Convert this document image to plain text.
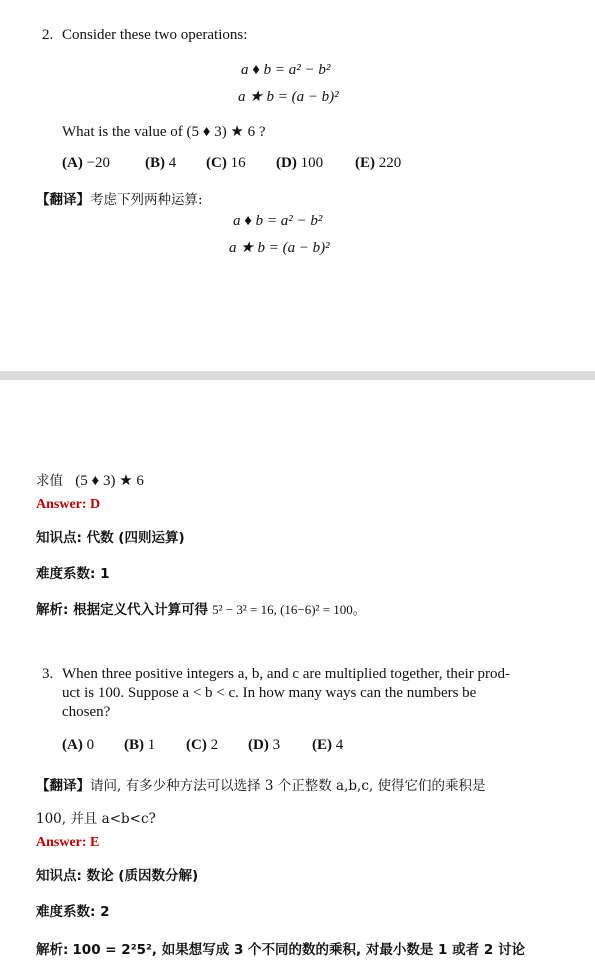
2. Consider these two operations:
a ♦ b = a² − b²
a ★ b = (a − b)²
What is the value of (5 ♦ 3) ★ 6 ?
(A) −20 (B) 4 (C) 16 (D) 100 (E) 220
【翻译】考虑下列两种运算:
a ♦ b = a² − b²
a ★ b = (a − b)²
求值 (5 ♦ 3) ★ 6
Answer: D
知识点: 代数 (四则运算)
难度系数: 1
解析: 根据定义代入计算可得 5² − 3² = 16, (16−6)² = 100。
3. When three positive integers a, b, and c are multiplied together, their prod-
uct is 100. Suppose a < b < c. In how many ways can the numbers be
chosen?
(A) 0 (B) 1 (C) 2 (D) 3 (E) 4
【翻译】请问, 有多少种方法可以选择 3 个正整数 a,b,c, 使得它们的乘积是
100, 并且 a<b<c?
Answer: E
知识点: 数论 (质因数分解)
难度系数: 2
解析: 100 = 2²5², 如果想写成 3 个不同的数的乘积, 对最小数是 1 或者 2 讨论
